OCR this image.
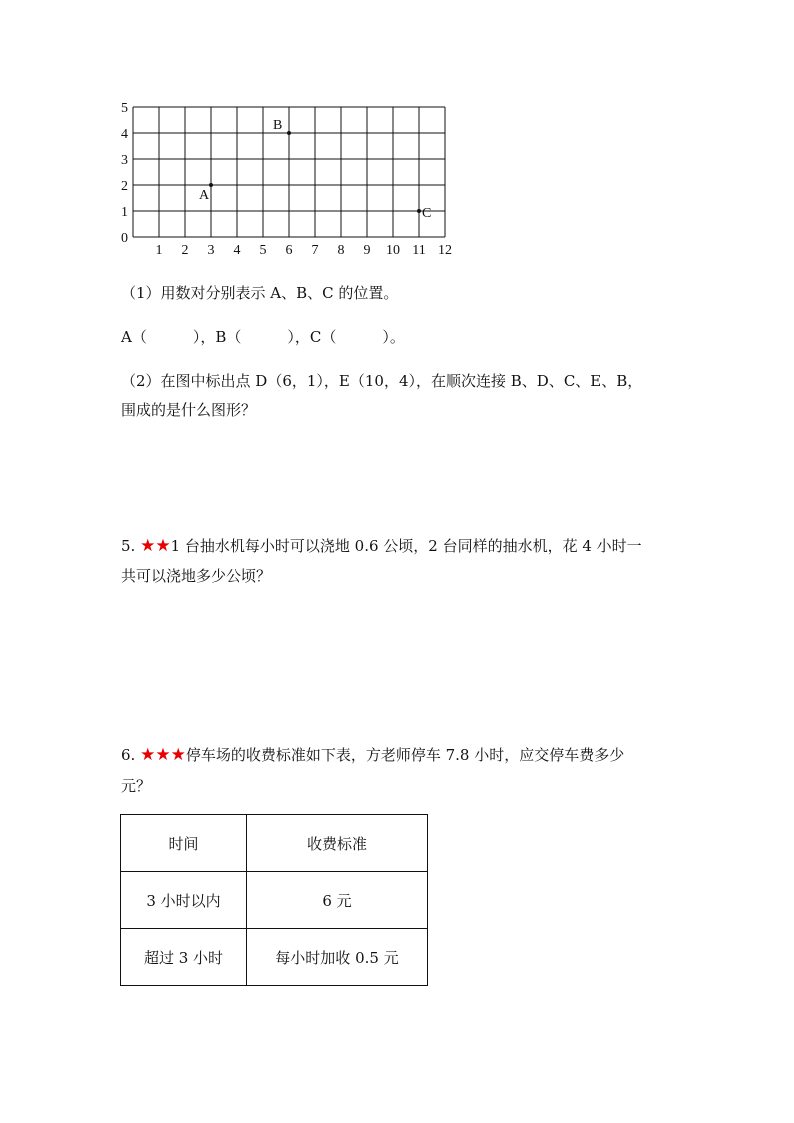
1 2 3 4 5 6 7 8 9 10 11 12
0
1
2
3
4
5
A
B
C
（1）用数对分别表示 A、B、C 的位置。
A（	），B（	），C（	）。
（2）在图中标出点 D（6，1），E（10，4），在顺次连接 B、D、C、E、B，
围成的是什么图形？
5. ★★1 台抽水机每小时可以浇地 0.6 公顷，2 台同样的抽水机，花 4 小时一
共可以浇地多少公顷？
6. ★★★停车场的收费标准如下表，方老师停车 7.8 小时，应交停车费多少
元？
时间	收费标准
3 小时以内	6 元
超过 3 小时	每小时加收 0.5 元
